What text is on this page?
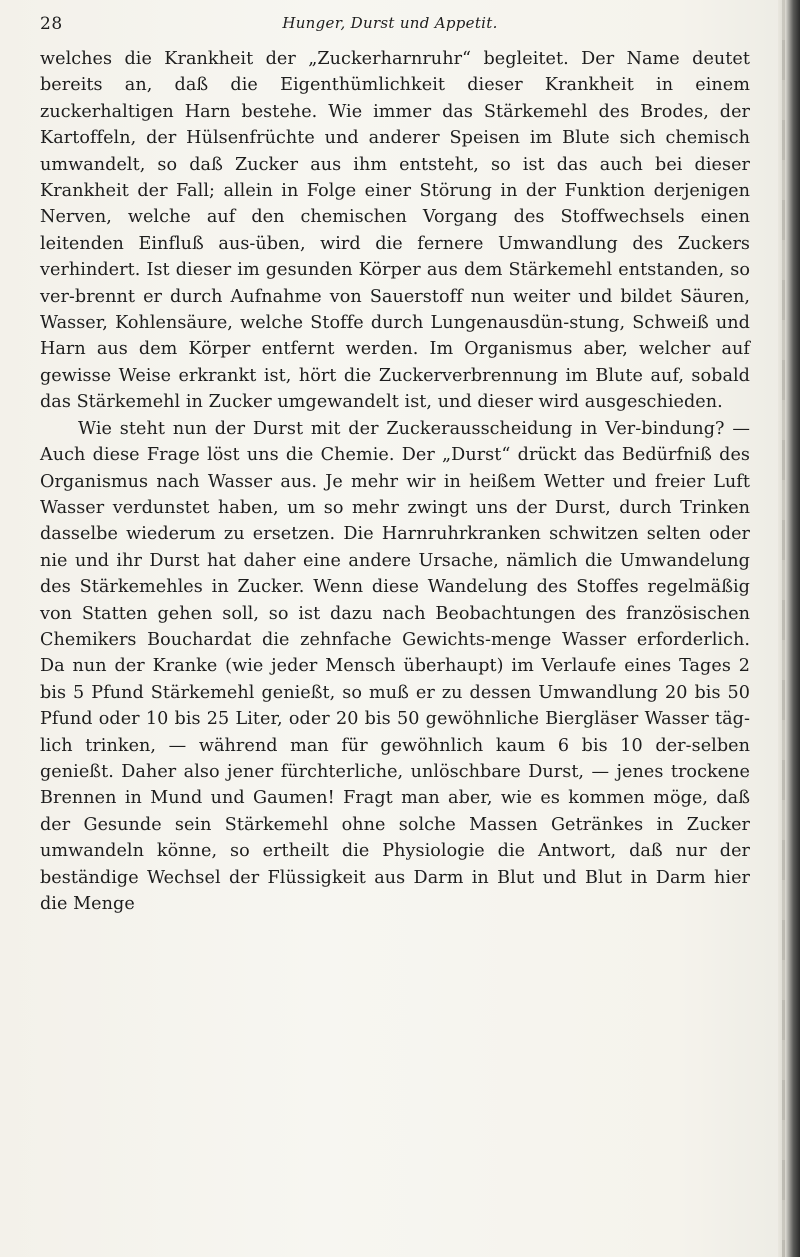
28	Hunger, Durst und Appetit.

welches die Krankheit der „Zuckerharnruhr“ begleitet. Der Name deutet bereits an, daß die Eigenthümlichkeit dieser Krankheit in einem zuckerhaltigen Harn bestehe. Wie immer das Stärkemehl des Brodes, der Kartoffeln, der Hülsenfrüchte und anderer Speisen im Blute sich chemisch umwandelt, so daß Zucker aus ihm entsteht, so ist das auch bei dieser Krankheit der Fall; allein in Folge einer Störung in der Funktion derjenigen Nerven, welche auf den chemischen Vorgang des Stoffwechsels einen leitenden Einfluß aus-üben, wird die fernere Umwandlung des Zuckers verhindert. Ist dieser im gesunden Körper aus dem Stärkemehl entstanden, so ver-brennt er durch Aufnahme von Sauerstoff nun weiter und bildet Säuren, Wasser, Kohlensäure, welche Stoffe durch Lungenausdün-stung, Schweiß und Harn aus dem Körper entfernt werden. Im Organismus aber, welcher auf gewisse Weise erkrankt ist, hört die Zuckerverbrennung im Blute auf, sobald das Stärkemehl in Zucker umgewandelt ist, und dieser wird ausgeschieden.

Wie steht nun der Durst mit der Zuckerausscheidung in Ver-bindung? — Auch diese Frage löst uns die Chemie. Der „Durst“ drückt das Bedürfniß des Organismus nach Wasser aus. Je mehr wir in heißem Wetter und freier Luft Wasser verdunstet haben, um so mehr zwingt uns der Durst, durch Trinken dasselbe wiederum zu ersetzen. Die Harnruhrkranken schwitzen selten oder nie und ihr Durst hat daher eine andere Ursache, nämlich die Umwandelung des Stärkemehles in Zucker. Wenn diese Wandelung des Stoffes regelmäßig von Statten gehen soll, so ist dazu nach Beobachtungen des französischen Chemikers Bouchardat die zehnfache Gewichts-menge Wasser erforderlich. Da nun der Kranke (wie jeder Mensch überhaupt) im Verlaufe eines Tages 2 bis 5 Pfund Stärkemehl genießt, so muß er zu dessen Umwandlung 20 bis 50 Pfund oder 10 bis 25 Liter, oder 20 bis 50 gewöhnliche Biergläser Wasser täg-lich trinken, — während man für gewöhnlich kaum 6 bis 10 der-selben genießt. Daher also jener fürchterliche, unlöschbare Durst, — jenes trockene Brennen in Mund und Gaumen! Fragt man aber, wie es kommen möge, daß der Gesunde sein Stärkemehl ohne solche Massen Getränkes in Zucker umwandeln könne, so ertheilt die Physiologie die Antwort, daß nur der beständige Wechsel der Flüssigkeit aus Darm in Blut und Blut in Darm hier die Menge
